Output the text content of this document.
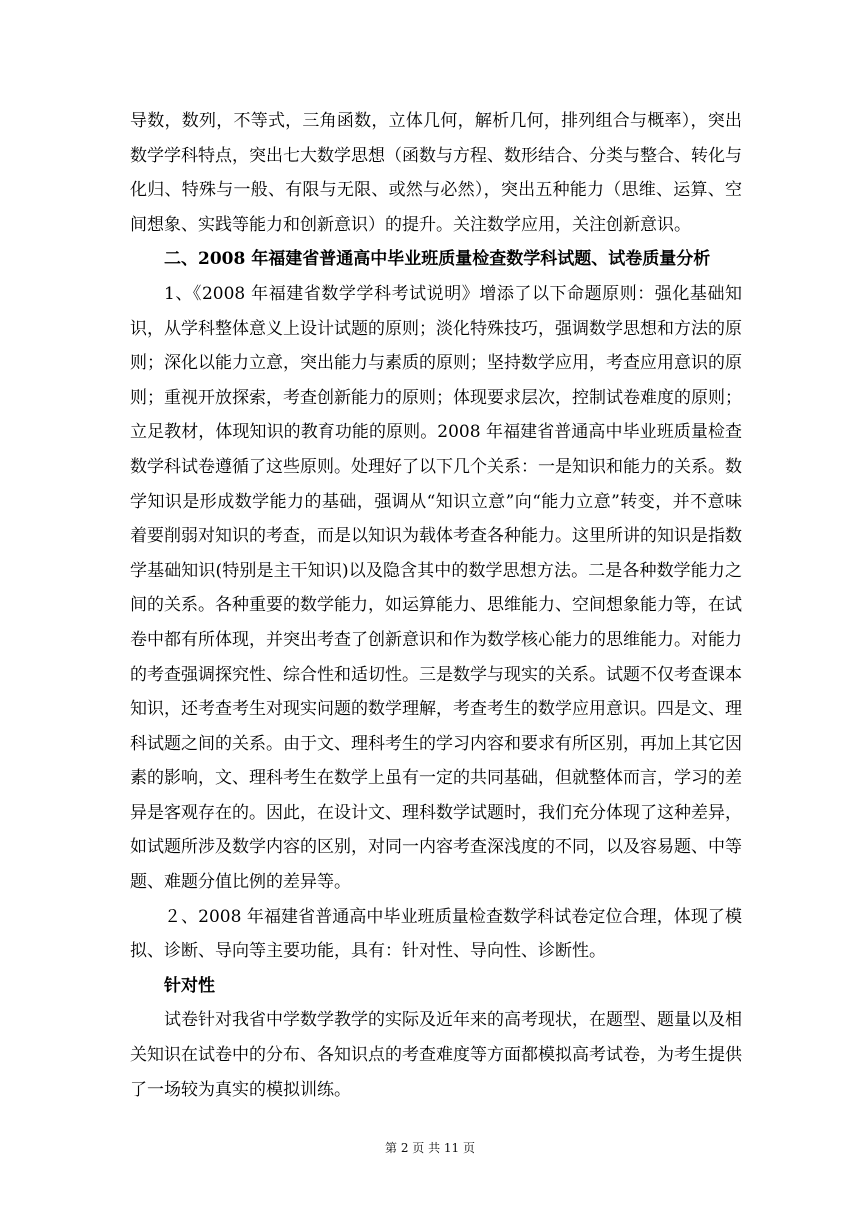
导数，数列，不等式，三角函数，立体几何，解析几何，排列组合与概率），突出数学学科特点，突出七大数学思想（函数与方程、数形结合、分类与整合、转化与化归、特殊与一般、有限与无限、或然与必然），突出五种能力（思维、运算、空间想象、实践等能力和创新意识）的提升。关注数学应用，关注创新意识。

二、2008 年福建省普通高中毕业班质量检查数学科试题、试卷质量分析

1、《2008 年福建省数学学科考试说明》增添了以下命题原则：强化基础知识，从学科整体意义上设计试题的原则；淡化特殊技巧，强调数学思想和方法的原则；深化以能力立意，突出能力与素质的原则；坚持数学应用，考查应用意识的原则；重视开放探索，考查创新能力的原则；体现要求层次，控制试卷难度的原则；立足教材，体现知识的教育功能的原则。2008 年福建省普通高中毕业班质量检查数学科试卷遵循了这些原则。处理好了以下几个关系：一是知识和能力的关系。数学知识是形成数学能力的基础，强调从“知识立意”向“能力立意”转变，并不意味着要削弱对知识的考查，而是以知识为载体考查各种能力。这里所讲的知识是指数学基础知识(特别是主干知识)以及隐含其中的数学思想方法。二是各种数学能力之间的关系。各种重要的数学能力，如运算能力、思维能力、空间想象能力等，在试卷中都有所体现，并突出考查了创新意识和作为数学核心能力的思维能力。对能力的考查强调探究性、综合性和适切性。三是数学与现实的关系。试题不仅考查课本知识，还考查考生对现实问题的数学理解，考查考生的数学应用意识。四是文、理科试题之间的关系。由于文、理科考生的学习内容和要求有所区别，再加上其它因素的影响，文、理科考生在数学上虽有一定的共同基础，但就整体而言，学习的差异是客观存在的。因此，在设计文、理科数学试题时，我们充分体现了这种差异，如试题所涉及数学内容的区别，对同一内容考查深浅度的不同，以及容易题、中等题、难题分值比例的差异等。

２、2008 年福建省普通高中毕业班质量检查数学科试卷定位合理，体现了模拟、诊断、导向等主要功能，具有：针对性、导向性、诊断性。

针对性

试卷针对我省中学数学教学的实际及近年来的高考现状，在题型、题量以及相关知识在试卷中的分布、各知识点的考查难度等方面都模拟高考试卷，为考生提供了一场较为真实的模拟训练。

第 2 页 共 11 页
